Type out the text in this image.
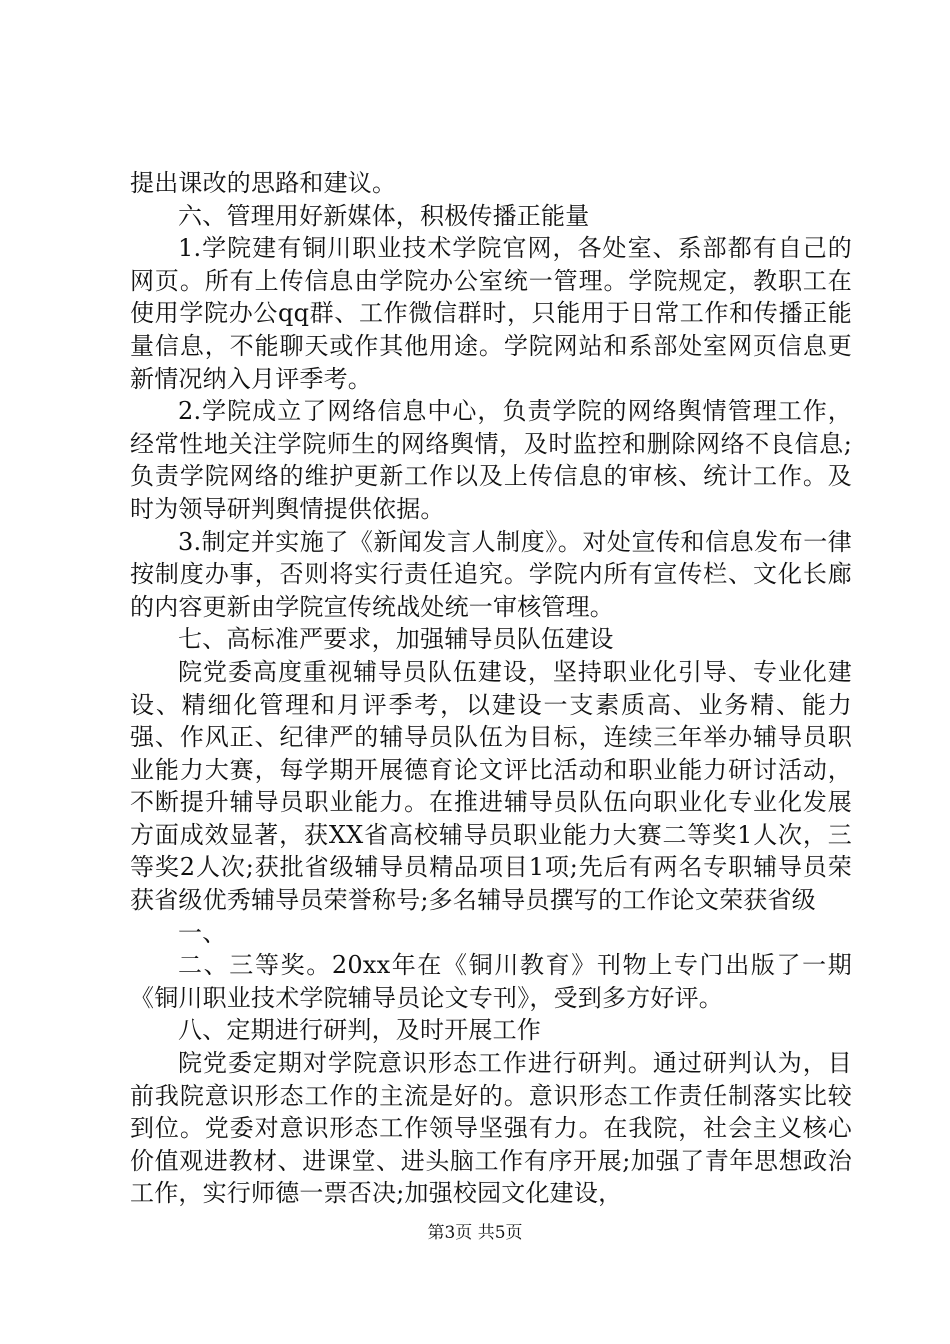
提出课改的思路和建议。

六、管理用好新媒体，积极传播正能量

1.学院建有铜川职业技术学院官网，各处室、系部都有自己的网页。所有上传信息由学院办公室统一管理。学院规定，教职工在使用学院办公qq群、工作微信群时，只能用于日常工作和传播正能量信息，不能聊天或作其他用途。学院网站和系部处室网页信息更新情况纳入月评季考。

2.学院成立了网络信息中心，负责学院的网络舆情管理工作，经常性地关注学院师生的网络舆情，及时监控和删除网络不良信息;负责学院网络的维护更新工作以及上传信息的审核、统计工作。及时为领导研判舆情提供依据。

3.制定并实施了《新闻发言人制度》。对处宣传和信息发布一律按制度办事，否则将实行责任追究。学院内所有宣传栏、文化长廊的内容更新由学院宣传统战处统一审核管理。

七、高标准严要求，加强辅导员队伍建设

院党委高度重视辅导员队伍建设，坚持职业化引导、专业化建设、精细化管理和月评季考，以建设一支素质高、业务精、能力强、作风正、纪律严的辅导员队伍为目标，连续三年举办辅导员职业能力大赛，每学期开展德育论文评比活动和职业能力研讨活动，不断提升辅导员职业能力。在推进辅导员队伍向职业化专业化发展方面成效显著，获XX省高校辅导员职业能力大赛二等奖1人次，三等奖2人次;获批省级辅导员精品项目1项;先后有两名专职辅导员荣获省级优秀辅导员荣誉称号;多名辅导员撰写的工作论文荣获省级

一、

二、三等奖。20xx年在《铜川教育》刊物上专门出版了一期《铜川职业技术学院辅导员论文专刊》，受到多方好评。

八、定期进行研判，及时开展工作

院党委定期对学院意识形态工作进行研判。通过研判认为，目前我院意识形态工作的主流是好的。意识形态工作责任制落实比较到位。党委对意识形态工作领导坚强有力。在我院，社会主义核心价值观进教材、进课堂、进头脑工作有序开展;加强了青年思想政治工作，实行师德一票否决;加强校园文化建设，

第3页 共5页
